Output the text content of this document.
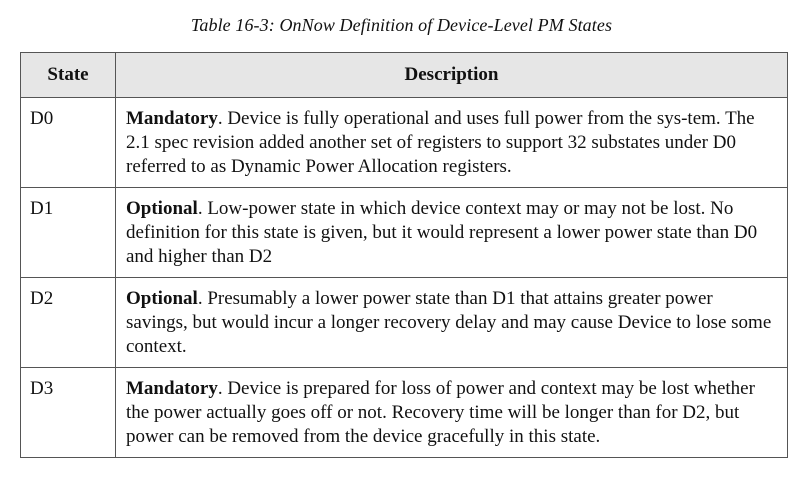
Table 16-3: OnNow Definition of Device-Level PM States
State	Description
D0	Mandatory. Device is fully operational and uses full power from the sys-tem. The 2.1 spec revision added another set of registers to support 32 substates under D0 referred to as Dynamic Power Allocation registers.
D1	Optional. Low-power state in which device context may or may not be lost. No definition for this state is given, but it would represent a lower power state than D0 and higher than D2
D2	Optional. Presumably a lower power state than D1 that attains greater power savings, but would incur a longer recovery delay and may cause Device to lose some context.
D3	Mandatory. Device is prepared for loss of power and context may be lost whether the power actually goes off or not. Recovery time will be longer than for D2, but power can be removed from the device gracefully in this state.
